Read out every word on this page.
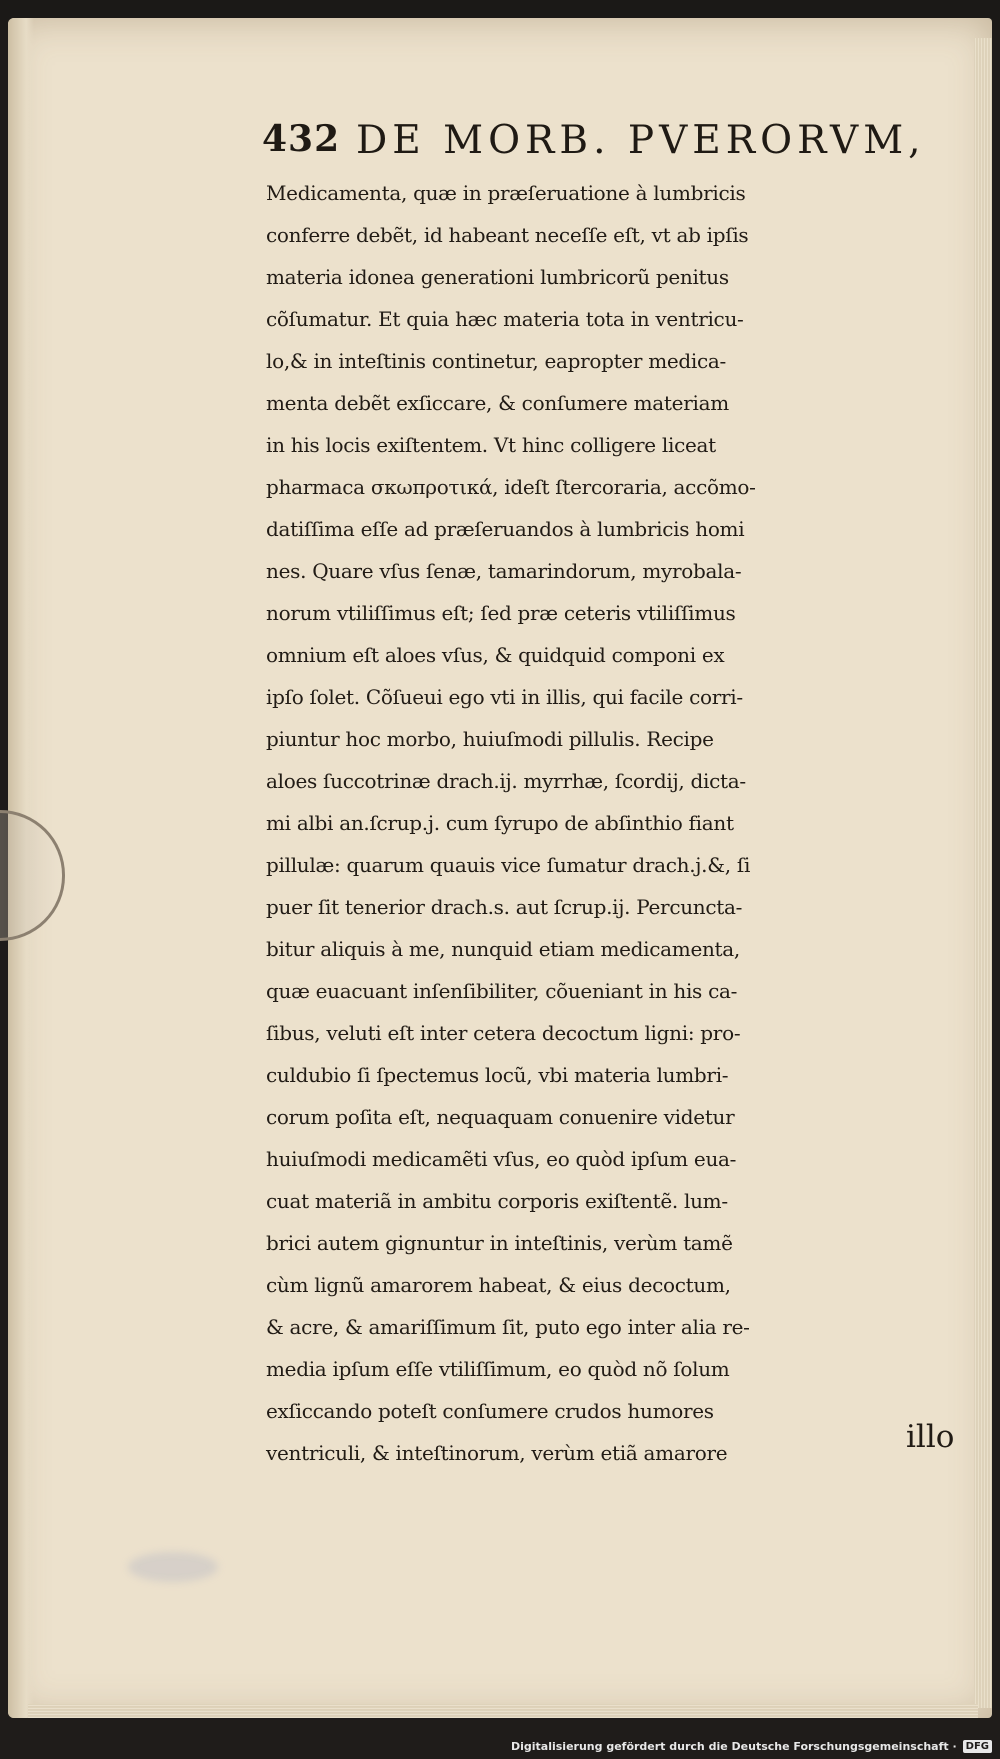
432 DE MORB. PVERORVM,
Medicamenta, quæ in præſeruatione à lumbricis
conferre debẽt, id habeant neceſſe eſt, vt ab ipſis
materia idonea generationi lumbricorũ penitus
cõſumatur. Et quia hæc materia tota in ventricu-
lo,& in inteſtinis continetur, eapropter medica-
menta debẽt exſiccare, & conſumere materiam
in his locis exiſtentem. Vt hinc colligere liceat
pharmaca σκωπροτικά, ideſt ſtercoraria, accõmo-
datiſſima eſſe ad præſeruandos à lumbricis homi
nes. Quare vſus ſenæ, tamarindorum, myrobala-
norum vtiliſſimus eſt; ſed præ ceteris vtiliſſimus
omnium eſt aloes vſus, & quidquid componi ex
ipſo ſolet. Cõſueui ego vti in illis, qui facile corri-
piuntur hoc morbo, huiuſmodi pillulis. Recipe
aloes ſuccotrinæ drach.ij. myrrhæ, ſcordij, dicta-
mi albi an.ſcrup.j. cum ſyrupo de abſinthio fiant
pillulæ: quarum quauis vice ſumatur drach.j.&, ſi
puer ſit tenerior drach.s. aut ſcrup.ij. Percuncta-
bitur aliquis à me, nunquid etiam medicamenta,
quæ euacuant inſenſibiliter, cõueniant in his ca-
ſibus, veluti eſt inter cetera decoctum ligni: pro-
culdubio ſi ſpectemus locũ, vbi materia lumbri-
corum poſita eſt, nequaquam conuenire videtur
huiuſmodi medicamẽti vſus, eo quòd ipſum eua-
cuat materiã in ambitu corporis exiſtentẽ. lum-
brici autem gignuntur in inteſtinis, verùm tamẽ
cùm lignũ amarorem habeat, & eius decoctum,
& acre, & amariſſimum ſit, puto ego inter alia re-
media ipſum eſſe vtiliſſimum, eo quòd nõ ſolum
exſiccando poteſt conſumere crudos humores
ventriculi, & inteſtinorum, verùm etiã amarore	illo
Digitalisierung gefördert durch die Deutsche Forschungsgemeinschaft · DFG
